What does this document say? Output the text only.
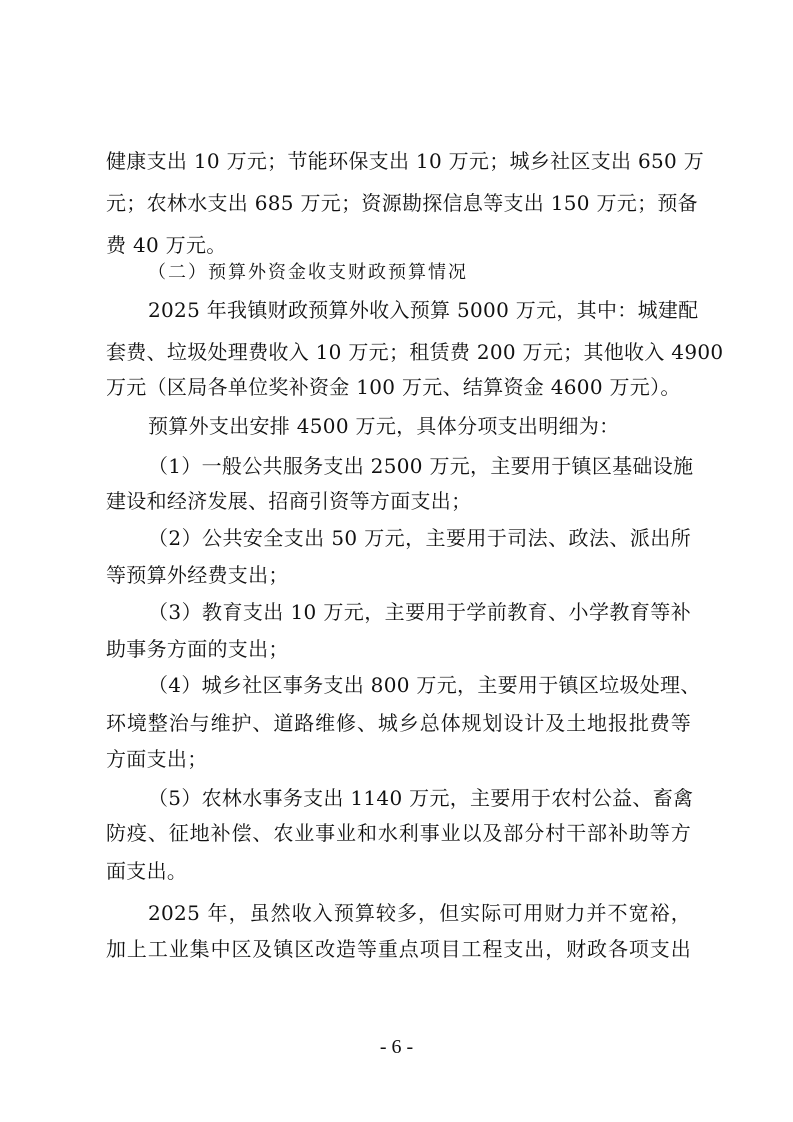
健康支出 10 万元；节能环保支出 10 万元；城乡社区支出 650 万
元；农林水支出 685 万元；资源勘探信息等支出 150 万元；预备
费 40 万元。
（二）预算外资金收支财政预算情况
2025 年我镇财政预算外收入预算 5000 万元，其中：城建配
套费、垃圾处理费收入 10 万元；租赁费 200 万元；其他收入 4900
万元（区局各单位奖补资金 100 万元、结算资金 4600 万元）。
预算外支出安排 4500 万元，具体分项支出明细为：
（1）一般公共服务支出 2500 万元，主要用于镇区基础设施
建设和经济发展、招商引资等方面支出；
（2）公共安全支出 50 万元，主要用于司法、政法、派出所
等预算外经费支出；
（3）教育支出 10 万元，主要用于学前教育、小学教育等补
助事务方面的支出；
（4）城乡社区事务支出 800 万元，主要用于镇区垃圾处理、
环境整治与维护、道路维修、城乡总体规划设计及土地报批费等
方面支出；
（5）农林水事务支出 1140 万元，主要用于农村公益、畜禽
防疫、征地补偿、农业事业和水利事业以及部分村干部补助等方
面支出。
2025 年，虽然收入预算较多，但实际可用财力并不宽裕，
加上工业集中区及镇区改造等重点项目工程支出，财政各项支出
- 6 -
